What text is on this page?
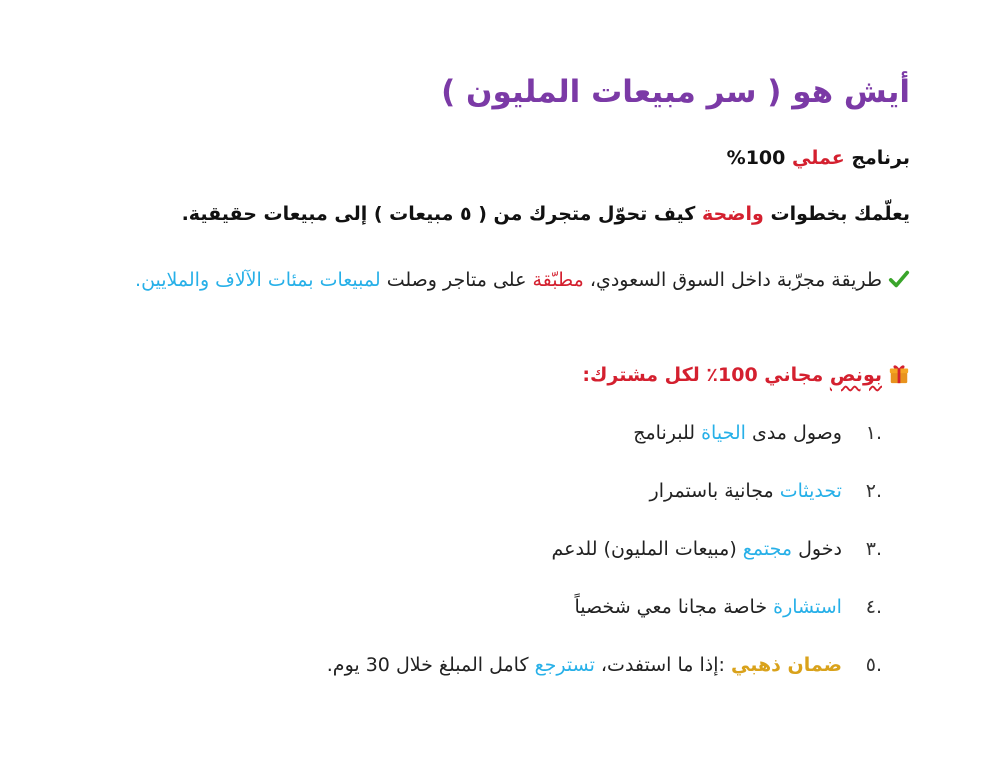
أيش هو ( سر مبيعات المليون )
برنامج عملي 100%
يعلّمك بخطوات واضحة كيف تحوّل متجرك من ( ٥ مبيعات ) إلى مبيعات حقيقية.
طريقة مجرّبة داخل السوق السعودي، مطبّقة على متاجر وصلت لمبيعات بمئات الآلاف والملايين.
بونص مجاني 100٪ لكل مشترك:
.١ وصول مدى الحياة للبرنامج
.٢ تحديثات مجانية باستمرار
.٣ دخول مجتمع (مبيعات المليون) للدعم
.٤ استشارة خاصة مجانا معي شخصياً
.٥ ضمان ذهبي :إذا ما استفدت، تسترجع كامل المبلغ خلال 30 يوم.
